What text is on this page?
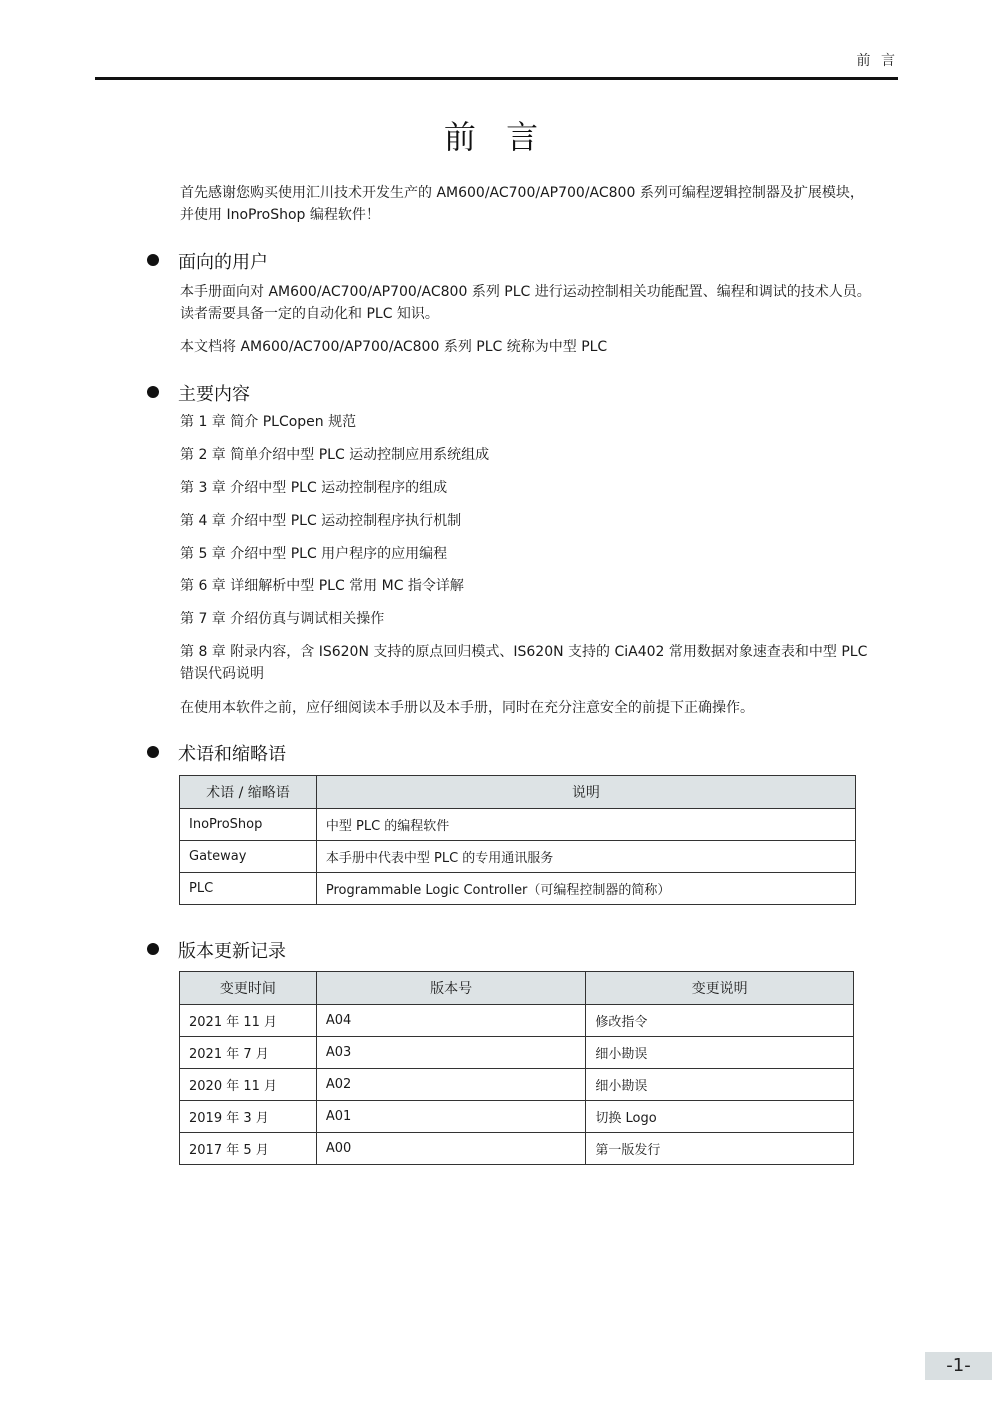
前 言
前 言
首先感谢您购买使用汇川技术开发生产的 AM600/AC700/AP700/AC800 系列可编程逻辑控制器及扩展模块，
并使用 InoProShop 编程软件！
面向的用户
本手册面向对 AM600/AC700/AP700/AC800 系列 PLC 进行运动控制相关功能配置、编程和调试的技术人员。
读者需要具备一定的自动化和 PLC 知识。
本文档将 AM600/AC700/AP700/AC800 系列 PLC 统称为中型 PLC
主要内容
第 1 章 简介 PLCopen 规范
第 2 章 简单介绍中型 PLC 运动控制应用系统组成
第 3 章 介绍中型 PLC 运动控制程序的组成
第 4 章 介绍中型 PLC 运动控制程序执行机制
第 5 章 介绍中型 PLC 用户程序的应用编程
第 6 章 详细解析中型 PLC 常用 MC 指令详解
第 7 章 介绍仿真与调试相关操作
第 8 章 附录内容，含 IS620N 支持的原点回归模式、IS620N 支持的 CiA402 常用数据对象速查表和中型 PLC
错误代码说明
在使用本软件之前，应仔细阅读本手册以及本手册，同时在充分注意安全的前提下正确操作。
术语和缩略语
术语 / 缩略语	说明
InoProShop	中型 PLC 的编程软件
Gateway	本手册中代表中型 PLC 的专用通讯服务
PLC	Programmable Logic Controller（可编程控制器的简称）
版本更新记录
变更时间	版本号	变更说明
2021 年 11 月	A04	修改指令
2021 年 7 月	A03	细小勘误
2020 年 11 月	A02	细小勘误
2019 年 3 月	A01	切换 Logo
2017 年 5 月	A00	第一版发行
-1-
